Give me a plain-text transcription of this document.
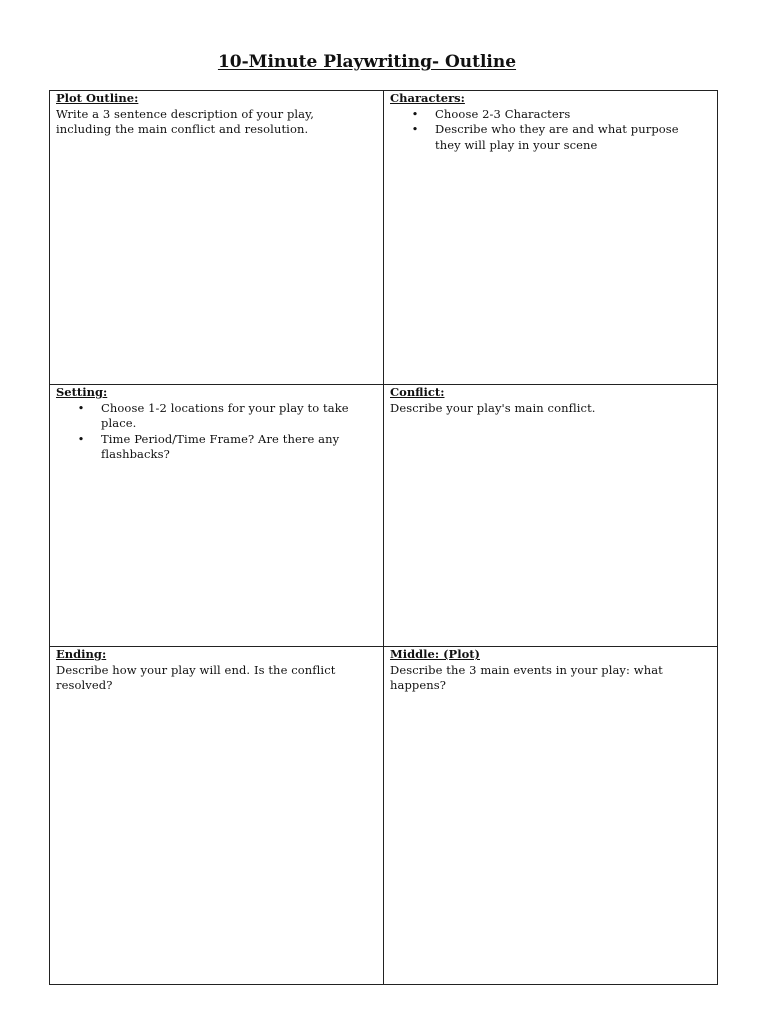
10-Minute Playwriting- Outline
Plot Outline:
Write a 3 sentence description of your play,
including the main conflict and resolution.
Characters:
• Choose 2-3 Characters
• Describe who they are and what purpose
they will play in your scene
Setting:
• Choose 1-2 locations for your play to take
place.
• Time Period/Time Frame? Are there any
flashbacks?
Conflict:
Describe your play's main conflict.
Ending:
Describe how your play will end. Is the conflict
resolved?
Middle: (Plot)
Describe the 3 main events in your play: what
happens?
